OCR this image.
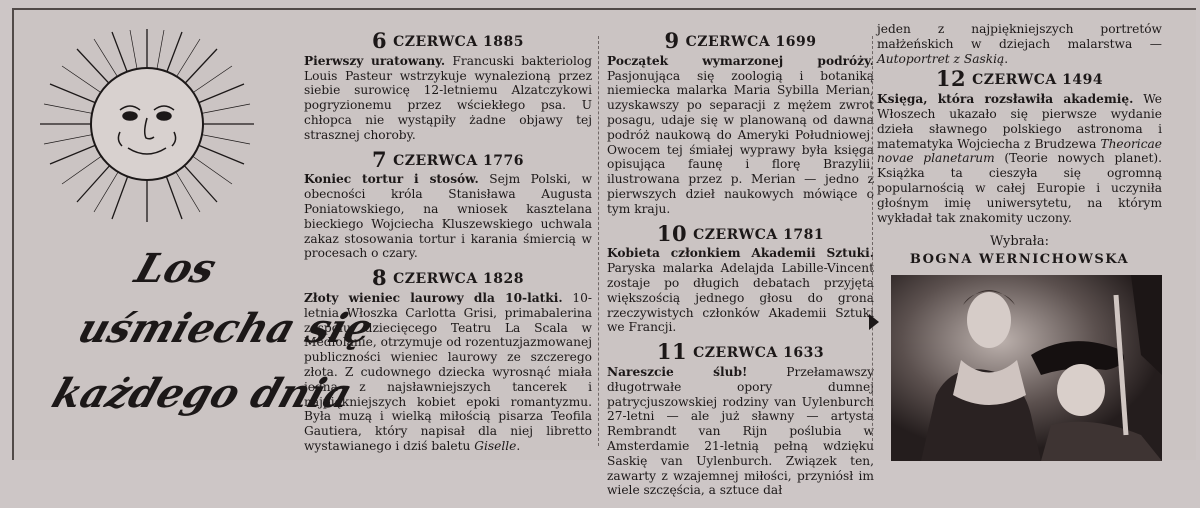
Los
uśmiecha się
każdego dnia
6 CZERWCA 1885
Pierwszy uratowany. Francuski bakteriolog Louis Pasteur wstrzykuje wynalezioną przez siebie surowicę 12-letniemu Alzatczykowi pogryzionemu przez wściekłego psa. U chłopca nie wystąpiły żadne objawy tej strasznej choroby.
7 CZERWCA 1776
Koniec tortur i stosów. Sejm Polski, w obecności króla Stanisława Augusta Poniatowskiego, na wniosek kasztelana bieckiego Wojciecha Kluszewskiego uchwala zakaz stosowania tortur i karania śmiercią w procesach o czary.
8 CZERWCA 1828
Złoty wieniec laurowy dla 10-latki. 10-letnia Włoszka Carlotta Grisi, primabalerina zespołu dziecięcego Teatru La Scala w Mediolanie, otrzymuje od rozentuzjazmowanej publiczności wieniec laurowy ze szczerego złota. Z cudownego dziecka wyrosnąć miała jedna z najsławniejszych tancerek i najpiękniejszych kobiet epoki romantyzmu. Była muzą i wielką miłością pisarza Teofila Gautiera, który napisał dla niej libretto wystawianego i dziś baletu Giselle.
9 CZERWCA 1699
Początek wymarzonej podróży. Pasjonująca się zoologią i botaniką niemiecka malarka Maria Sybilla Merian, uzyskawszy po separacji z mężem zwrot posagu, udaje się w planowaną od dawna podróż naukową do Ameryki Południowej. Owocem tej śmiałej wyprawy była księga opisująca faunę i florę Brazylii, ilustrowana przez p. Merian — jedno z pierwszych dzieł naukowych mówiące o tym kraju.
10 CZERWCA 1781
Kobieta członkiem Akademii Sztuki. Paryska malarka Adelajda Labille-Vincent zostaje po długich debatach przyjęta większością jednego głosu do grona rzeczywistych członków Akademii Sztuki we Francji.
11 CZERWCA 1633
Nareszcie ślub!	Przełamawszy długotrwałe opory dumnej patrycjuszowskiej rodziny van Uylenburch 27-letni — ale już sławny — artysta Rembrandt van Rijn poślubia w Amsterdamie 21-letnią pełną wdzięku Saskię van Uylenburch. Związek ten, zawarty z wzajemnej miłości, przyniósł im wiele szczęścia, a sztuce dał
jeden z najpiękniejszych portretów małżeńskich w dziejach malarstwa — Autoportret z Saskią.
12 CZERWCA 1494
Księga, która rozsławiła akademię. We Włoszech ukazało się pierwsze wydanie dzieła sławnego polskiego astronoma i matematyka Wojciecha z Brudzewa Theoricae novae planetarum (Teorie nowych planet). Książka ta cieszyła się ogromną popularnością w całej Europie i uczyniła głośnym imię uniwersytetu, na którym wykładał tak znakomity uczony.
Wybrała:
BOGNA WERNICHOWSKA
